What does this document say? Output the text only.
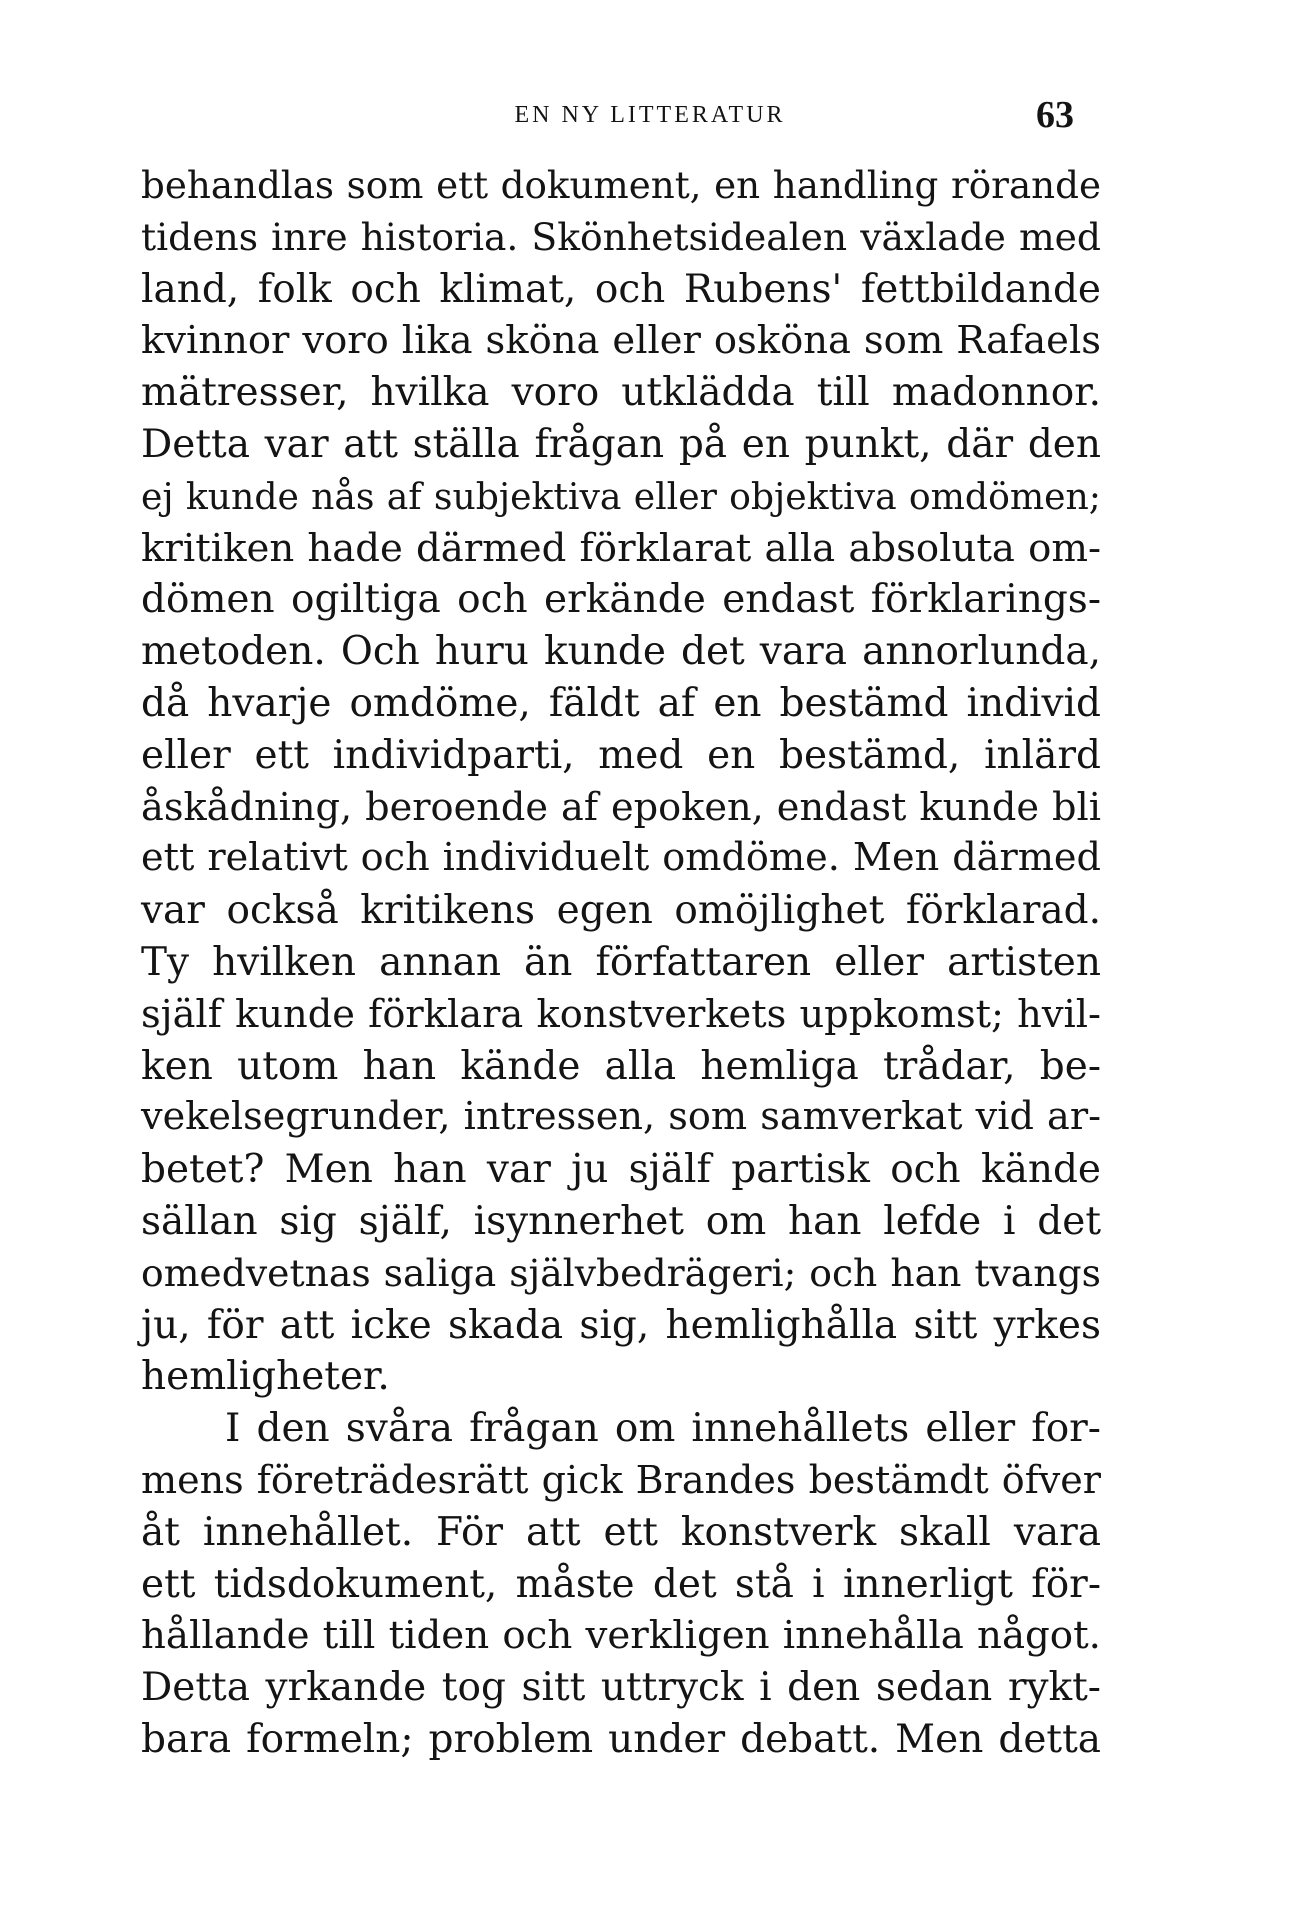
EN NY LITTERATUR	63
behandlas som ett dokument, en handling rörande
tidens inre historia. Skönhetsidealen växlade med
land, folk och klimat, och Rubens' fettbildande
kvinnor voro lika sköna eller osköna som Rafaels
mätresser, hvilka voro utklädda till madonnor.
Detta var att ställa frågan på en punkt, där den
ej kunde nås af subjektiva eller objektiva omdömen;
kritiken hade därmed förklarat alla absoluta om-
dömen ogiltiga och erkände endast förklarings-
metoden. Och huru kunde det vara annorlunda,
då hvarje omdöme, fäldt af en bestämd individ
eller ett individparti, med en bestämd, inlärd
åskådning, beroende af epoken, endast kunde bli
ett relativt och individuelt omdöme. Men därmed
var också kritikens egen omöjlighet förklarad.
Ty hvilken annan än författaren eller artisten
själf kunde förklara konstverkets uppkomst; hvil-
ken utom han kände alla hemliga trådar, be-
vekelsegrunder, intressen, som samverkat vid ar-
betet? Men han var ju själf partisk och kände
sällan sig själf, isynnerhet om han lefde i det
omedvetnas saliga självbedrägeri; och han tvangs
ju, för att icke skada sig, hemlighålla sitt yrkes
hemligheter.
I den svåra frågan om innehållets eller for-
mens företrädesrätt gick Brandes bestämdt öfver
åt innehållet. För att ett konstverk skall vara
ett tidsdokument, måste det stå i innerligt för-
hållande till tiden och verkligen innehålla något.
Detta yrkande tog sitt uttryck i den sedan rykt-
bara formeln; problem under debatt. Men detta
